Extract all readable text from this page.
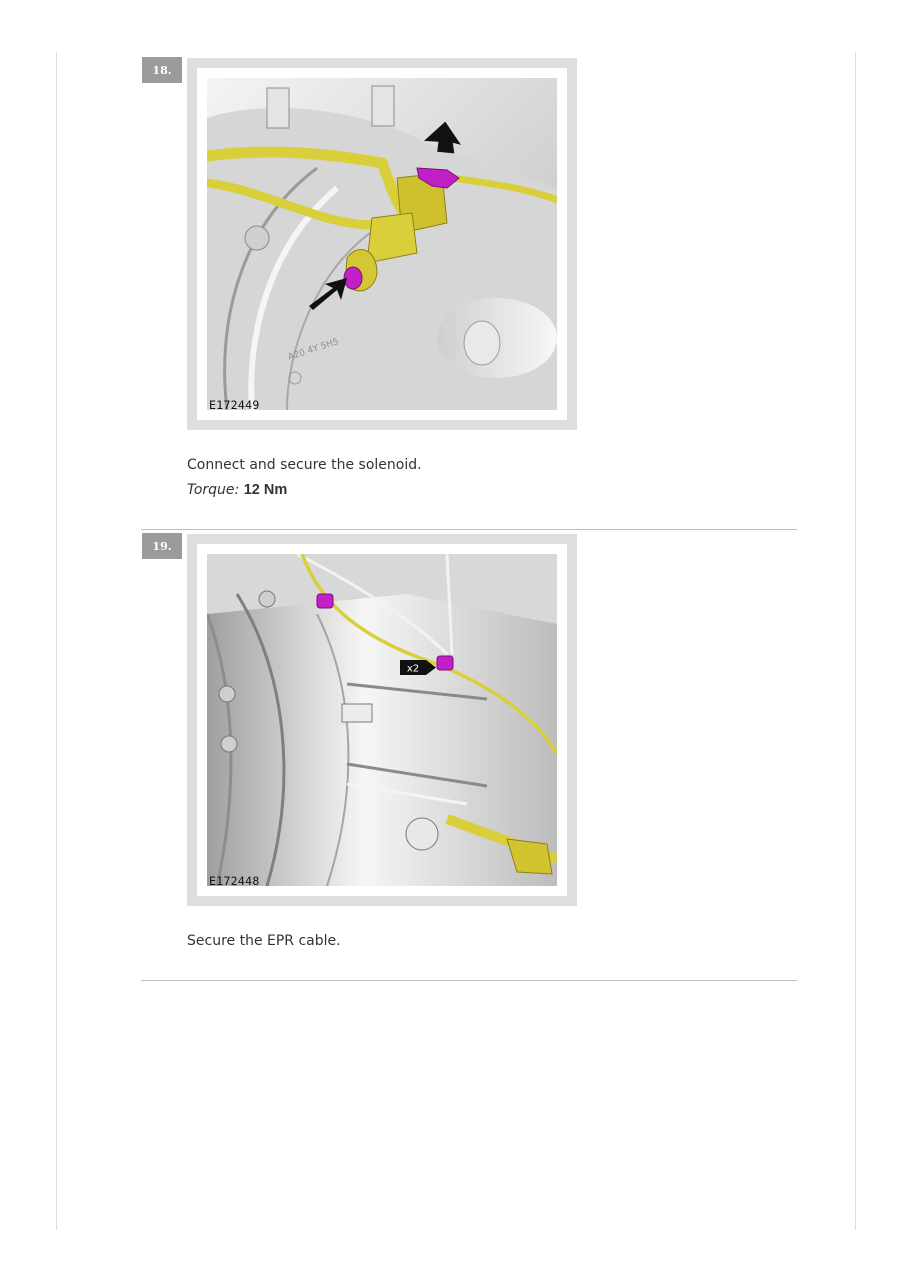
18.
A20 4Y 5H5
E172449
Connect and secure the solenoid.
Torque: 12 Nm
19.
x2
E172448
Secure the EPR cable.
